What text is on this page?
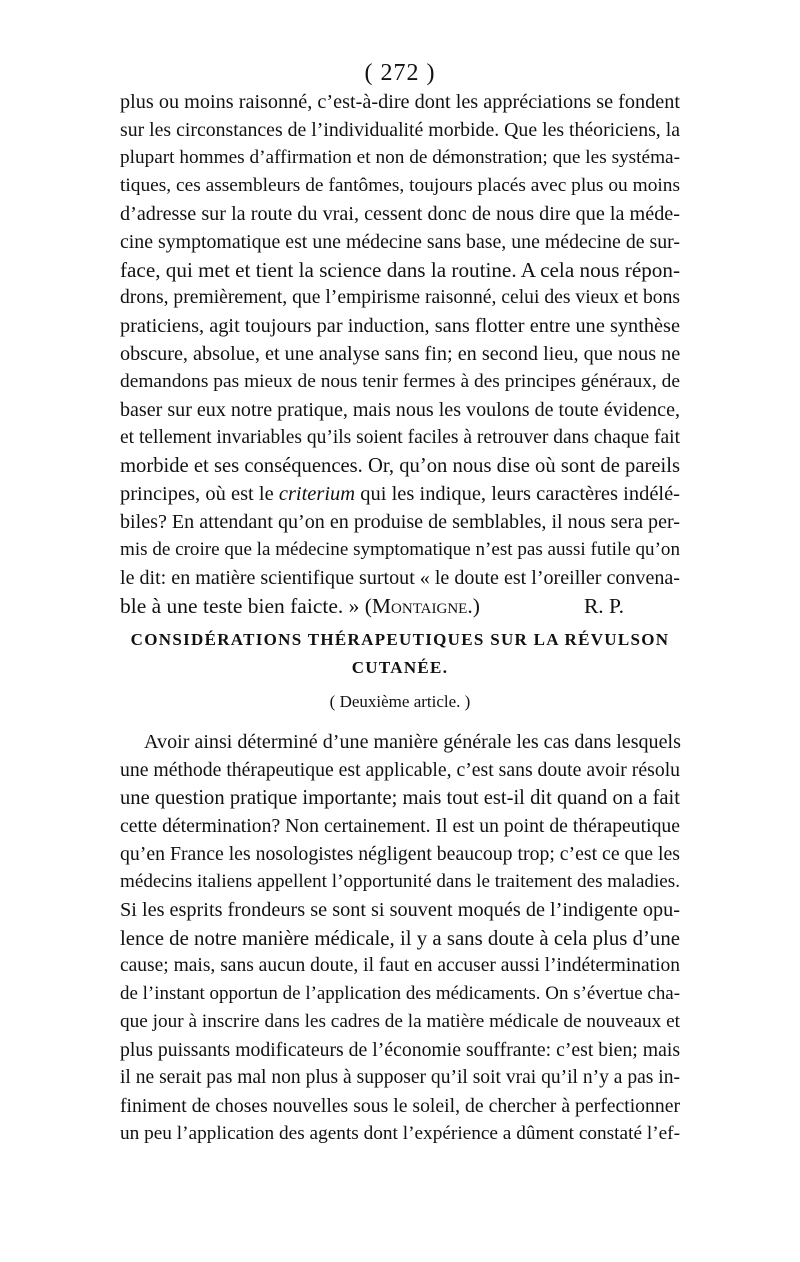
( 272 )
plus ou moins raisonné, c’est-à-dire dont les appréciations se fondent
sur les circonstances de l’individualité morbide. Que les théoriciens, la
plupart hommes d’affirmation et non de démonstration; que les systéma-
tiques, ces assembleurs de fantômes, toujours placés avec plus ou moins
d’adresse sur la route du vrai, cessent donc de nous dire que la méde-
cine symptomatique est une médecine sans base, une médecine de sur-
face, qui met et tient la science dans la routine. A cela nous répon-
drons, premièrement, que l’empirisme raisonné, celui des vieux et bons
praticiens, agit toujours par induction, sans flotter entre une synthèse
obscure, absolue, et une analyse sans fin; en second lieu, que nous ne
demandons pas mieux de nous tenir fermes à des principes généraux, de
baser sur eux notre pratique, mais nous les voulons de toute évidence,
et tellement invariables qu’ils soient faciles à retrouver dans chaque fait
morbide et ses conséquences. Or, qu’on nous dise où sont de pareils
principes, où est le criterium qui les indique, leurs caractères indélé-
biles? En attendant qu’on en produise de semblables, il nous sera per-
mis de croire que la médecine symptomatique n’est pas aussi futile qu’on
le dit: en matière scientifique surtout « le doute est l’oreiller convena-
ble à une teste bien faicte. » (Montaigne.)	R. P.
CONSIDÉRATIONS THÉRAPEUTIQUES SUR LA RÉVULSON
CUTANÉE.
( Deuxième article. )
Avoir ainsi déterminé d’une manière générale les cas dans lesquels
une méthode thérapeutique est applicable, c’est sans doute avoir résolu
une question pratique importante; mais tout est-il dit quand on a fait
cette détermination? Non certainement. Il est un point de thérapeutique
qu’en France les nosologistes négligent beaucoup trop; c’est ce que les
médecins italiens appellent l’opportunité dans le traitement des maladies.
Si les esprits frondeurs se sont si souvent moqués de l’indigente opu-
lence de notre manière médicale, il y a sans doute à cela plus d’une
cause; mais, sans aucun doute, il faut en accuser aussi l’indétermination
de l’instant opportun de l’application des médicaments. On s’évertue cha-
que jour à inscrire dans les cadres de la matière médicale de nouveaux et
plus puissants modificateurs de l’économie souffrante: c’est bien; mais
il ne serait pas mal non plus à supposer qu’il soit vrai qu’il n’y a pas in-
finiment de choses nouvelles sous le soleil, de chercher à perfectionner
un peu l’application des agents dont l’expérience a dûment constaté l’ef-
